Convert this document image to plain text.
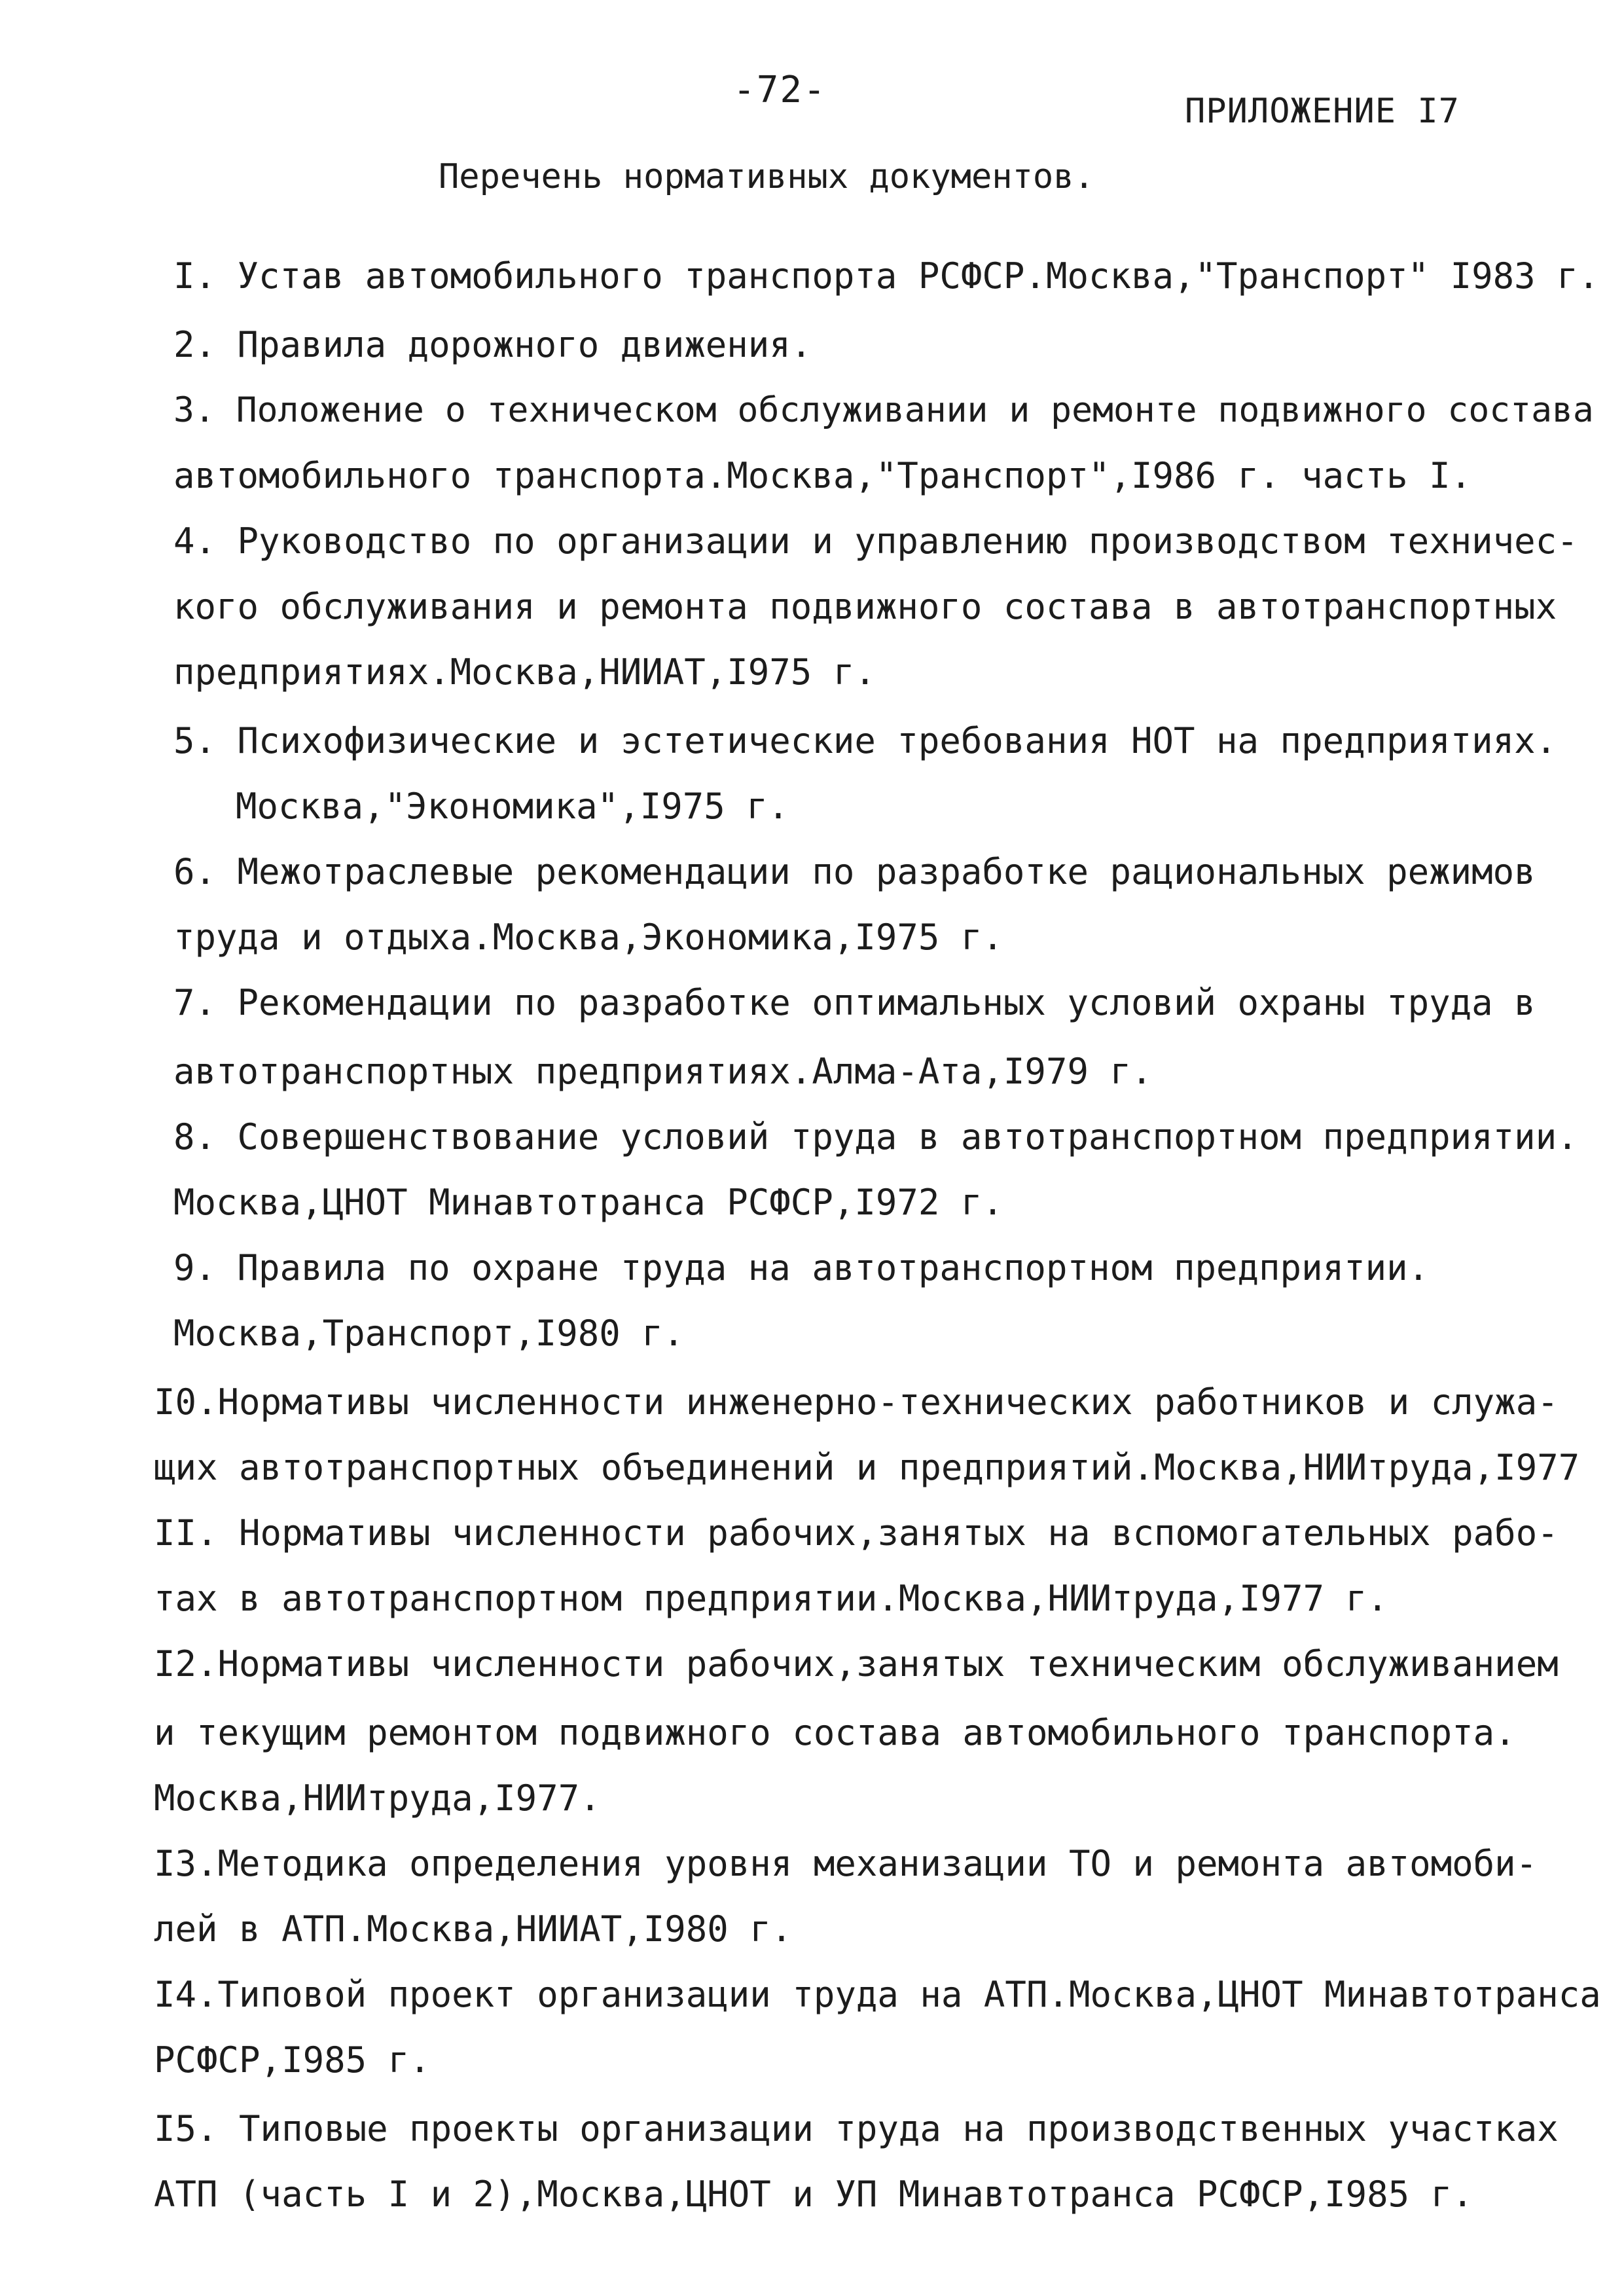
-72-	ПРИЛОЖЕНИЕ I7
Перечень нормативных документов.
I. Устав автомобильного транспорта РСФСР.Москва,"Транспорт" I983 г.
2. Правила дорожного движения.
3. Положение о техническом обслуживании и ремонте подвижного состава
автомобильного транспорта.Москва,"Транспорт",I986 г. часть I.
4. Руководство по организации и управлению производством техничес-
кого обслуживания и ремонта подвижного состава в автотранспортных
предприятиях.Москва,НИИАТ,I975 г.
5. Психофизические и эстетические требования НОТ на предприятиях.
Москва,"Экономика",I975 г.
6. Межотраслевые рекомендации по разработке рациональных режимов
труда и отдыха.Москва,Экономика,I975 г.
7. Рекомендации по разработке оптимальных условий охраны труда в
автотранспортных предприятиях.Алма-Ата,I979 г.
8. Совершенствование условий труда в автотранспортном предприятии.
Москва,ЦНОТ Минавтотранса РСФСР,I972 г.
9. Правила по охране труда на автотранспортном предприятии.
Москва,Транспорт,I980 г.
I0.Нормативы численности инженерно-технических работников и служа-
щих автотранспортных объединений и предприятий.Москва,НИИтруда,I977
II. Нормативы численности рабочих,занятых на вспомогательных рабо-
тах в автотранспортном предприятии.Москва,НИИтруда,I977 г.
I2.Нормативы численности рабочих,занятых техническим обслуживанием
и текущим ремонтом подвижного состава автомобильного транспорта.
Москва,НИИтруда,I977.
I3.Методика определения уровня механизации ТО и ремонта автомоби-
лей в АТП.Москва,НИИАТ,I980 г.
I4.Типовой проект организации труда на АТП.Москва,ЦНОТ Минавтотранса
РСФСР,I985 г.
I5. Типовые проекты организации труда на производственных участках
АТП (часть I и 2),Москва,ЦНОТ и УП Минавтотранса РСФСР,I985 г.
